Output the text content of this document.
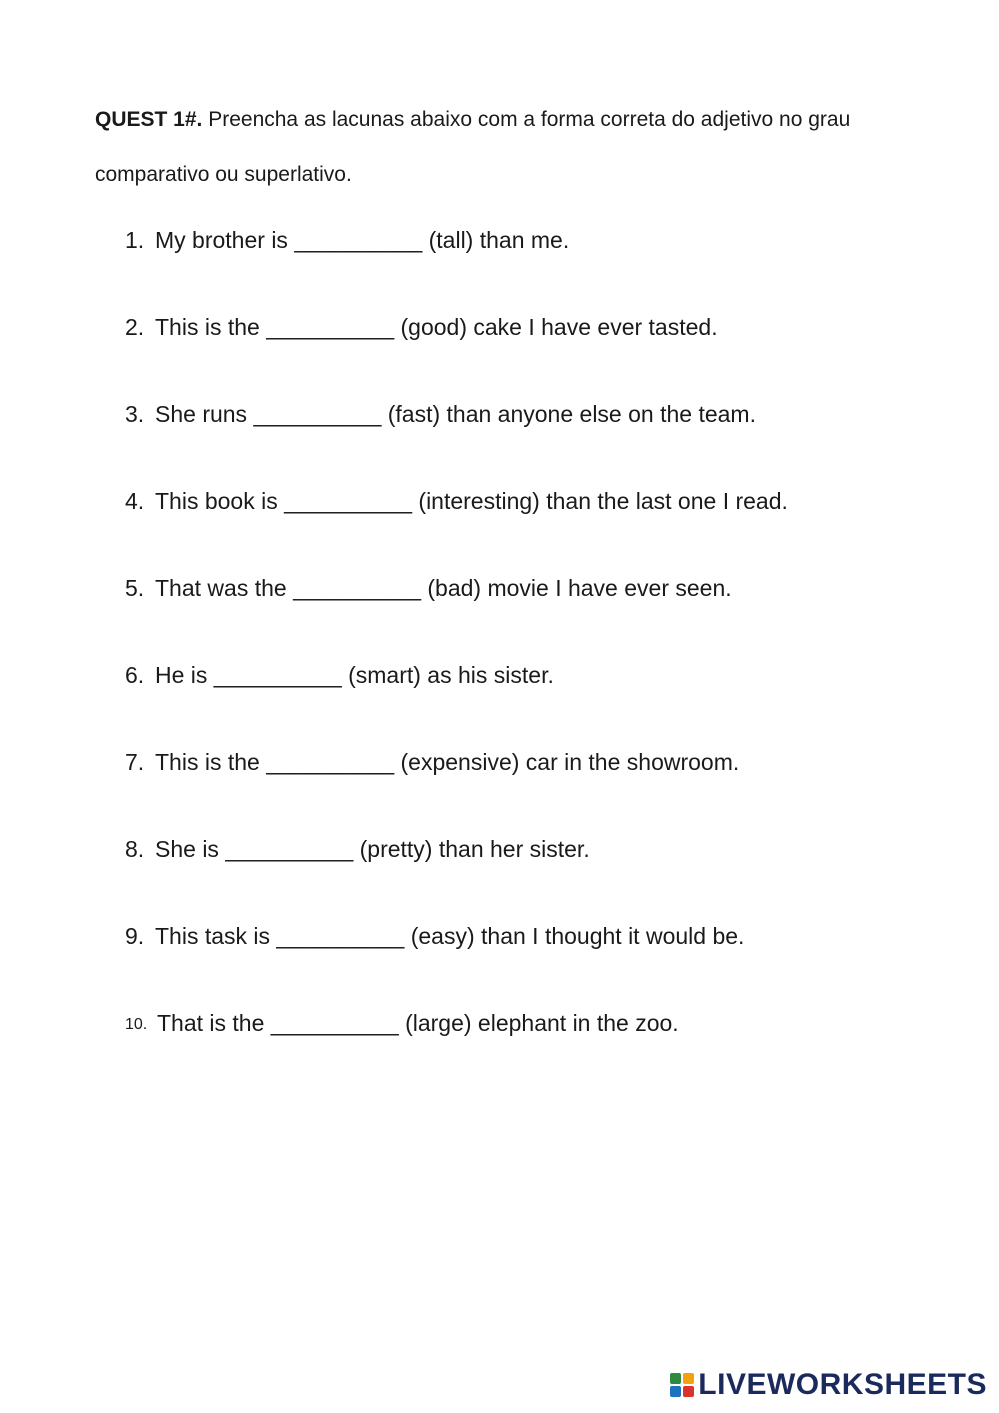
QUEST 1#. Preencha as lacunas abaixo com a forma correta do adjetivo no grau comparativo ou superlativo.

1. My brother is __________ (tall) than me.
2. This is the __________ (good) cake I have ever tasted.
3. She runs __________ (fast) than anyone else on the team.
4. This book is __________ (interesting) than the last one I read.
5. That was the __________ (bad) movie I have ever seen.
6. He is __________ (smart) as his sister.
7. This is the __________ (expensive) car in the showroom.
8. She is __________ (pretty) than her sister.
9. This task is __________ (easy) than I thought it would be.
10. That is the __________ (large) elephant in the zoo.
LIVEWORKSHEETS
